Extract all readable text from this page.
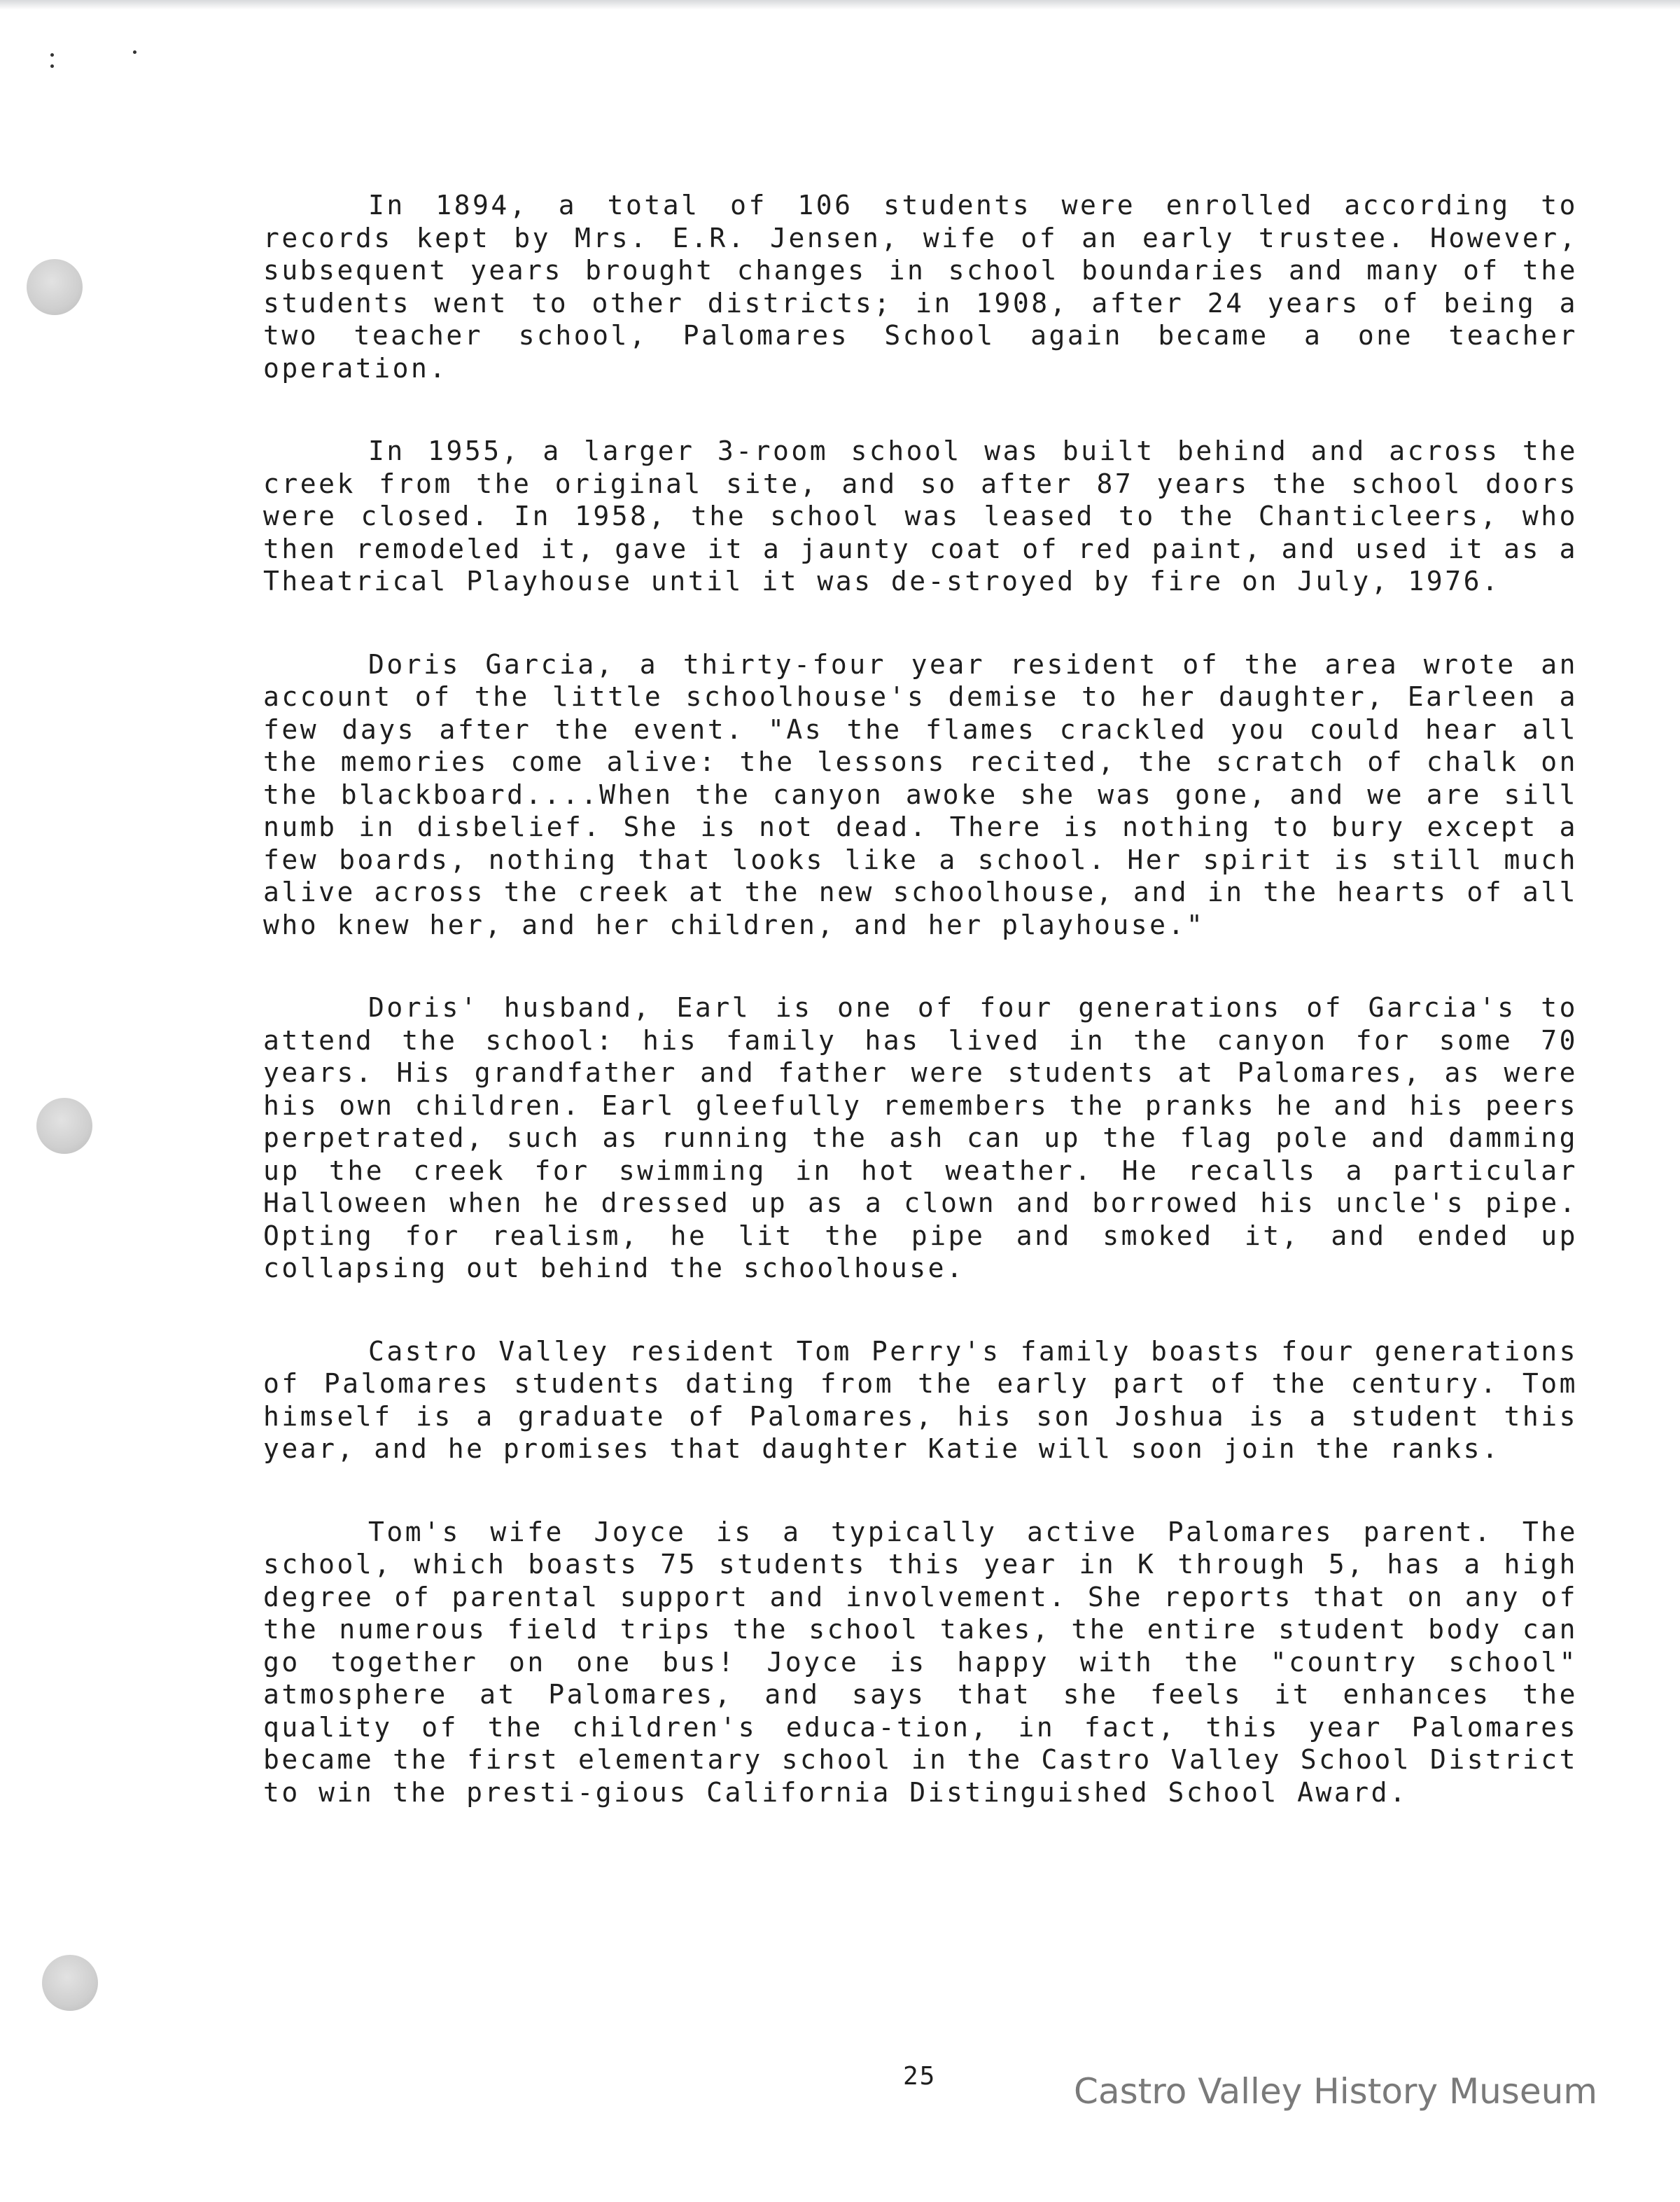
In 1894, a total of 106 students were enrolled according to records kept by Mrs. E.R. Jensen, wife of an early trustee. However, subsequent years brought changes in school boundaries and many of the students went to other districts; in 1908, after 24 years of being a two teacher school, Palomares School again became a one teacher operation.

In 1955, a larger 3-room school was built behind and across the creek from the original site, and so after 87 years the school doors were closed. In 1958, the school was leased to the Chanticleers, who then remodeled it, gave it a jaunty coat of red paint, and used it as a Theatrical Playhouse until it was de-stroyed by fire on July, 1976.

Doris Garcia, a thirty-four year resident of the area wrote an account of the little schoolhouse's demise to her daughter, Earleen a few days after the event. "As the flames crackled you could hear all the memories come alive: the lessons recited, the scratch of chalk on the blackboard....When the canyon awoke she was gone, and we are sill numb in disbelief. She is not dead. There is nothing to bury except a few boards, nothing that looks like a school. Her spirit is still much alive across the creek at the new schoolhouse, and in the hearts of all who knew her, and her children, and her playhouse."

Doris' husband, Earl is one of four generations of Garcia's to attend the school: his family has lived in the canyon for some 70 years. His grandfather and father were students at Palomares, as were his own children. Earl gleefully remembers the pranks he and his peers perpetrated, such as running the ash can up the flag pole and damming up the creek for swimming in hot weather. He recalls a particular Halloween when he dressed up as a clown and borrowed his uncle's pipe. Opting for realism, he lit the pipe and smoked it, and ended up collapsing out behind the schoolhouse.

Castro Valley resident Tom Perry's family boasts four generations of Palomares students dating from the early part of the century. Tom himself is a graduate of Palomares, his son Joshua is a student this year, and he promises that daughter Katie will soon join the ranks.

Tom's wife Joyce is a typically active Palomares parent. The school, which boasts 75 students this year in K through 5, has a high degree of parental support and involvement. She reports that on any of the numerous field trips the school takes, the entire student body can go together on one bus! Joyce is happy with the "country school" atmosphere at Palomares, and says that she feels it enhances the quality of the children's educa-tion, in fact, this year Palomares became the first elementary school in the Castro Valley School District to win the presti-gious California Distinguished School Award.

25	Castro Valley History Museum
